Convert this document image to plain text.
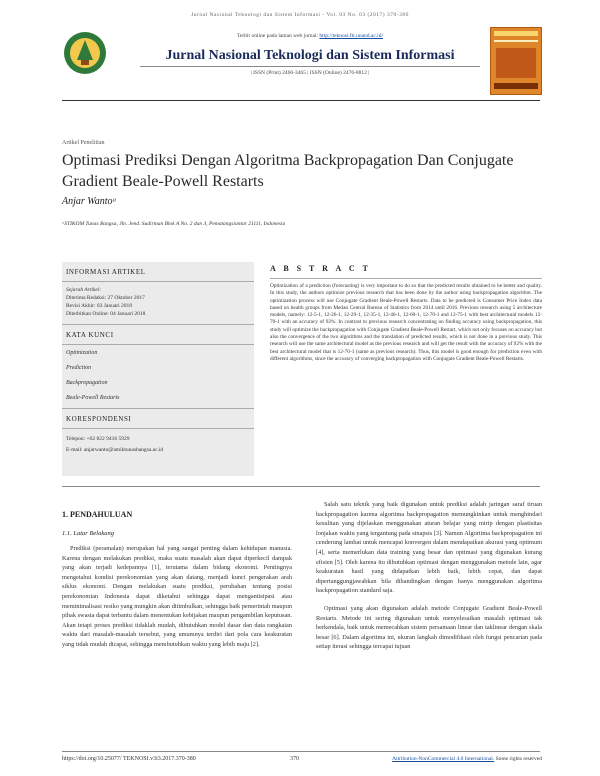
Jurnal Nasional Teknologi dan Sistem Informasi - Vol. 03 No. 03 (2017) 370-380
Terbit online pada laman web jurnal: http://teknosi.fti.unand.ac.id/
Jurnal Nasional Teknologi dan Sistem Informasi
| ISSN (Print) 2460-3465 | ISSN (Online) 2476-8812 |
Artikel Penelitian
Optimasi Prediksi Dengan Algoritma Backpropagation Dan Conjugate Gradient Beale-Powell Restarts
Anjar Wantoᵃ
ᵃSTIKOM Tunas Bangsa, Jln. Jend. Sudirman Blok A No. 2 dan 3, Pematangsiantar 21111, Indonesia
INFORMASI ARTIKEL
Sejarah Artikel:
Diterima Redaksi: 27 Oktober 2017
Revisi Akhir: 03 Januari 2018
Diterbitkan Online: 04 Januari 2018
KATA KUNCI
Optimization
Prediction
Backpropagation
Beale-Powell Restarts
KORESPONDENSI
Telepon: +62 822 9416 5929
E-mail: anjarwanto@amiktunasbangsa.ac.id
A B S T R A C T
Optimization of a prediction (forecasting) is very important to do so that the predicted results obtained to be better and quality. In this study, the authors optimize previous research that has been done by the author using backpropagation algorithm. The optimization process will use Conjugate Gradient Beale-Powell Restarts. Data to be predicted is Consumer Price Index data based on health groups from Medan Central Bureau of Statistics from 2014 until 2016. Previous research using 5 architecture models, namely: 12-5-1, 12-26-1, 12-29-1, 12-35-1, 12-40-1, 12-60-1, 12-70-1 and 12-75-1 with best architectural models 12-70-1 with an accuracy of 92%. In contrast to previous research concentrating on finding accuracy using backpropagation, this study will optimize the backpropagation with Conjugate Gradient Beale-Powell Restart, which not only focuses on accuracy but also the convergence of the two algorithms and the translation of predicted results, which is not done in a previous study. This research will use the same architectural model as the previous research and will get the result with the accuracy of 92% with the best architectural model that is 12-70-1 (same as previous research). Thus, this model is good enough for prediction even with different algorithms, since the accuracy of converging backpropagation with Conjugate Gradient Beale-Powell Restarts.
1. PENDAHULUAN
1.1. Latar Belakang

Prediksi (peramalan) merupakan hal yang sangat penting dalam kehidupan manusia. Karena dengan melakukan prediksi, maka suatu masalah akan dapat diperkecil dampak yang akan terjadi kedepannya [1], terutama dalam bidang ekonomi. Pentingnya mengetahui kondisi perekonomian yang akan datang, menjadi kunci pengerakan arah siklus ekonomi. Dengan melakukan suatu prediksi, perubahan tentang posisi perekonomian Indonesia dapat diketahui sehingga dapat mengantisipasi atau meminimalisasi resiko yang mungkin akan ditimbulkan, sehingga baik pemerintah maupun pihak swasta dapat terbantu dalam menentukan kebijakan maupun pengambilan keputusan. Akan tetapi proses prediksi tidaklah mudah, dibutuhkan model dasar dan data rangkaian waktu dari masalah-masalah tersebut, yang umumnya terdiri dari pola cara keakuratan yang tidak mudah dicapai, sehingga membutuhkan waktu yang lebih maju [2].

Salah satu teknik yang baik digunakan untuk prediksi adalah jaringan saraf tiruan backpropagation karena algoritma backpropagation memungkinkan untuk menghindari kesulitan yang dijelaskan menggunakan aturan belajar yang mirip dengan plastisitas lonjakan waktu yang tergantung pada sinapsis [3]. Namun Algoritma backpropagation ini cenderung lambat untuk mencapai konvergen dalam mendapatkan akurasi yang optimum [4], serta memerlukan data training yang besar dan optimasi yang digunakan kurang efisien [5]. Oleh karena itu dibutuhkan optimasi dengan menggunakan metode lain, agar keakuratan hasil yang didapatkan lebih baik, lebih cepat, dan dapat dipertanggungjawabkan bila dibandingkan dengan hanya menggunakan algoritma backpropagation standard saja.

Optimasi yang akan digunakan adalah metode Conjugate Gradient Beale-Powell Restarts. Metode ini sering digunakan untuk menyelesaikan masalah optimasi tak berkendala, baik untuk memecahkan sistem persamaan linear dan taklinear dengan skala besar [6]. Dalam algoritma ini, ukuran langkah dimodifikasi oleh fungsi pencarian pada setiap iterasi sehingga tercapai tujuan

https://doi.org/10.25077/ TEKNOSI.v3i3.2017.370-380	370	Attribution-NonCommercial 4.0 International. Some rights reserved
